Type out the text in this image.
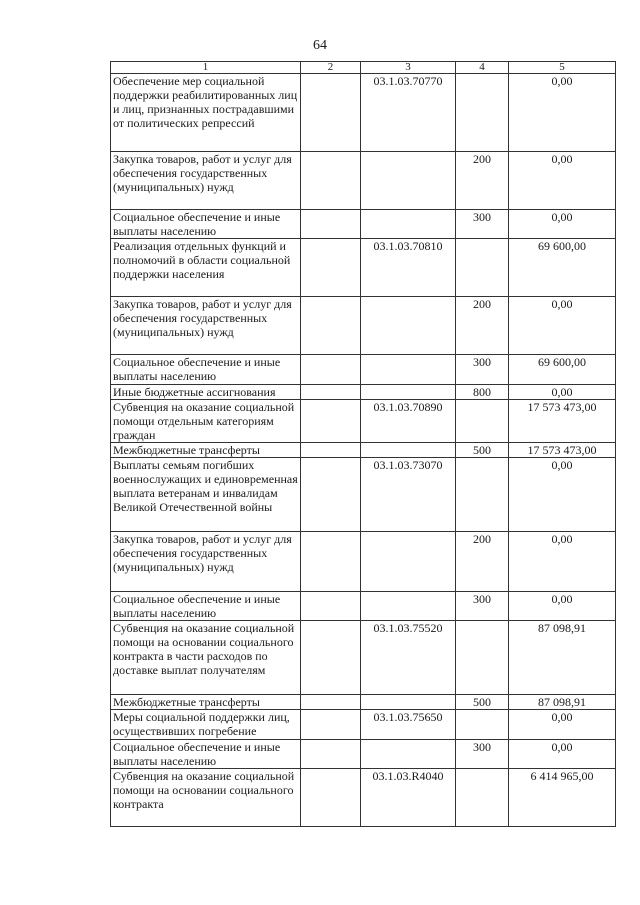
64
1	2	3	4	5
Обеспечение мер социальной поддержки реабилитированных лиц и лиц, признанных пострадавшими от политических репрессий		03.1.03.70770		0,00
Закупка товаров, работ и услуг для обеспечения государственных (муниципальных) нужд			200	0,00
Социальное обеспечение и иные выплаты населению			300	0,00
Реализация отдельных функций и полномочий в области социальной поддержки населения		03.1.03.70810		69 600,00
Закупка товаров, работ и услуг для обеспечения государственных (муниципальных) нужд			200	0,00
Социальное обеспечение и иные выплаты населению			300	69 600,00
Иные бюджетные ассигнования			800	0,00
Субвенция на оказание социальной помощи отдельным категориям граждан		03.1.03.70890		17 573 473,00
Межбюджетные трансферты			500	17 573 473,00
Выплаты семьям погибших военнослужащих и единовременная выплата ветеранам и инвалидам Великой Отечественной войны		03.1.03.73070		0,00
Закупка товаров, работ и услуг для обеспечения государственных (муниципальных) нужд			200	0,00
Социальное обеспечение и иные выплаты населению			300	0,00
Субвенция на оказание социальной помощи на основании социального контракта в части расходов по доставке выплат получателям		03.1.03.75520		87 098,91
Межбюджетные трансферты			500	87 098,91
Меры социальной поддержки лиц, осуществивших погребение		03.1.03.75650		0,00
Социальное обеспечение и иные выплаты населению			300	0,00
Субвенция на оказание социальной помощи на основании социального контракта		03.1.03.R4040		6 414 965,00
